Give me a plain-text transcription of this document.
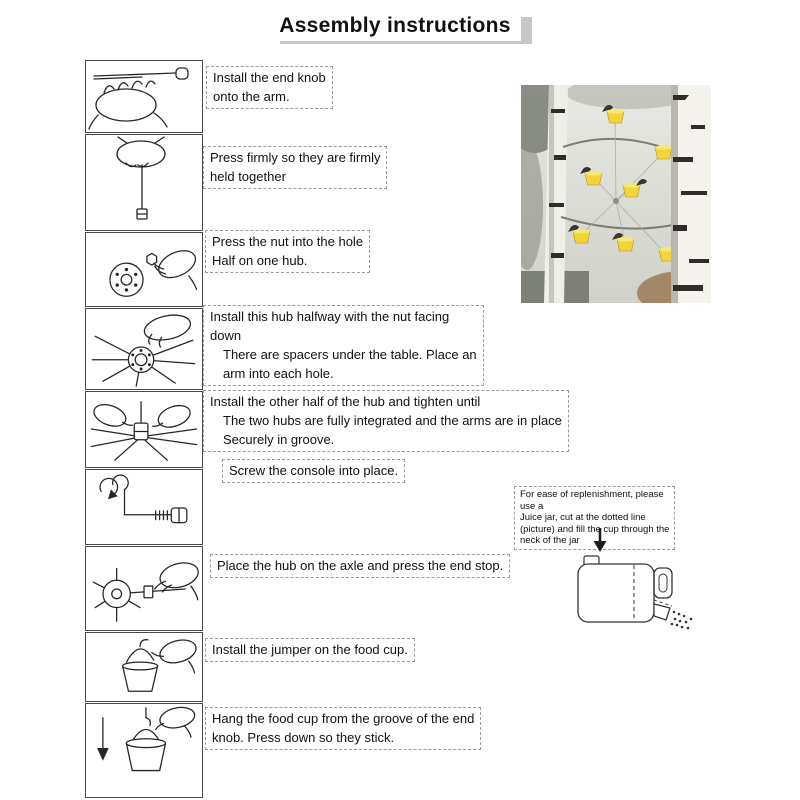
Assembly instructions
Install the end knob
onto the arm.
Press firmly so they are firmly
held together
Press the nut into the hole
Half on one hub.
Install this hub halfway with the nut facing
down
There are spacers under the table. Place an
arm into each hole.
Install the other half of the hub and tighten until
The two hubs are fully integrated and the arms are in place
Securely in groove.
Screw the console into place.
Place the hub on the axle and press the end stop.
Install the jumper on the food cup.
Hang the food cup from the groove of the end
knob. Press down so they stick.
For ease of replenishment, please
use a
Juice jar, cut at the dotted line
(picture) and fill the cup through the
neck of the jar
